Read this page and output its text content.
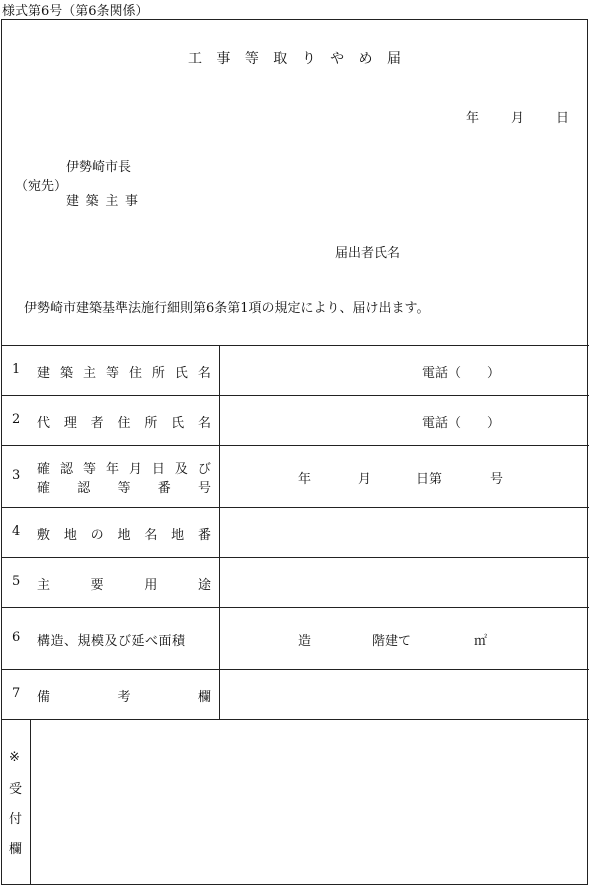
様式第6号（第6条関係）
工 事 等 取 り や め 届
年 月 日
（宛先）
伊勢崎市長
建 築 主 事
届出者氏名
伊勢崎市建築基準法施行細則第6条第1項の規定により、届け出ます。
1 建 築 主 等 住 所 氏 名	電話（　　）
2 代 理 者 住 所 氏 名	電話（　　）
3 確 認 等 年 月 日 及 び
確 認 等 番 号
年	月	日第	号
4 敷 地 の 地 名 地 番
5 主	要	用	途
6 構造、規模及び延べ面積	造	階建て	㎡
7 備	考	欄
※
受
付
欄
